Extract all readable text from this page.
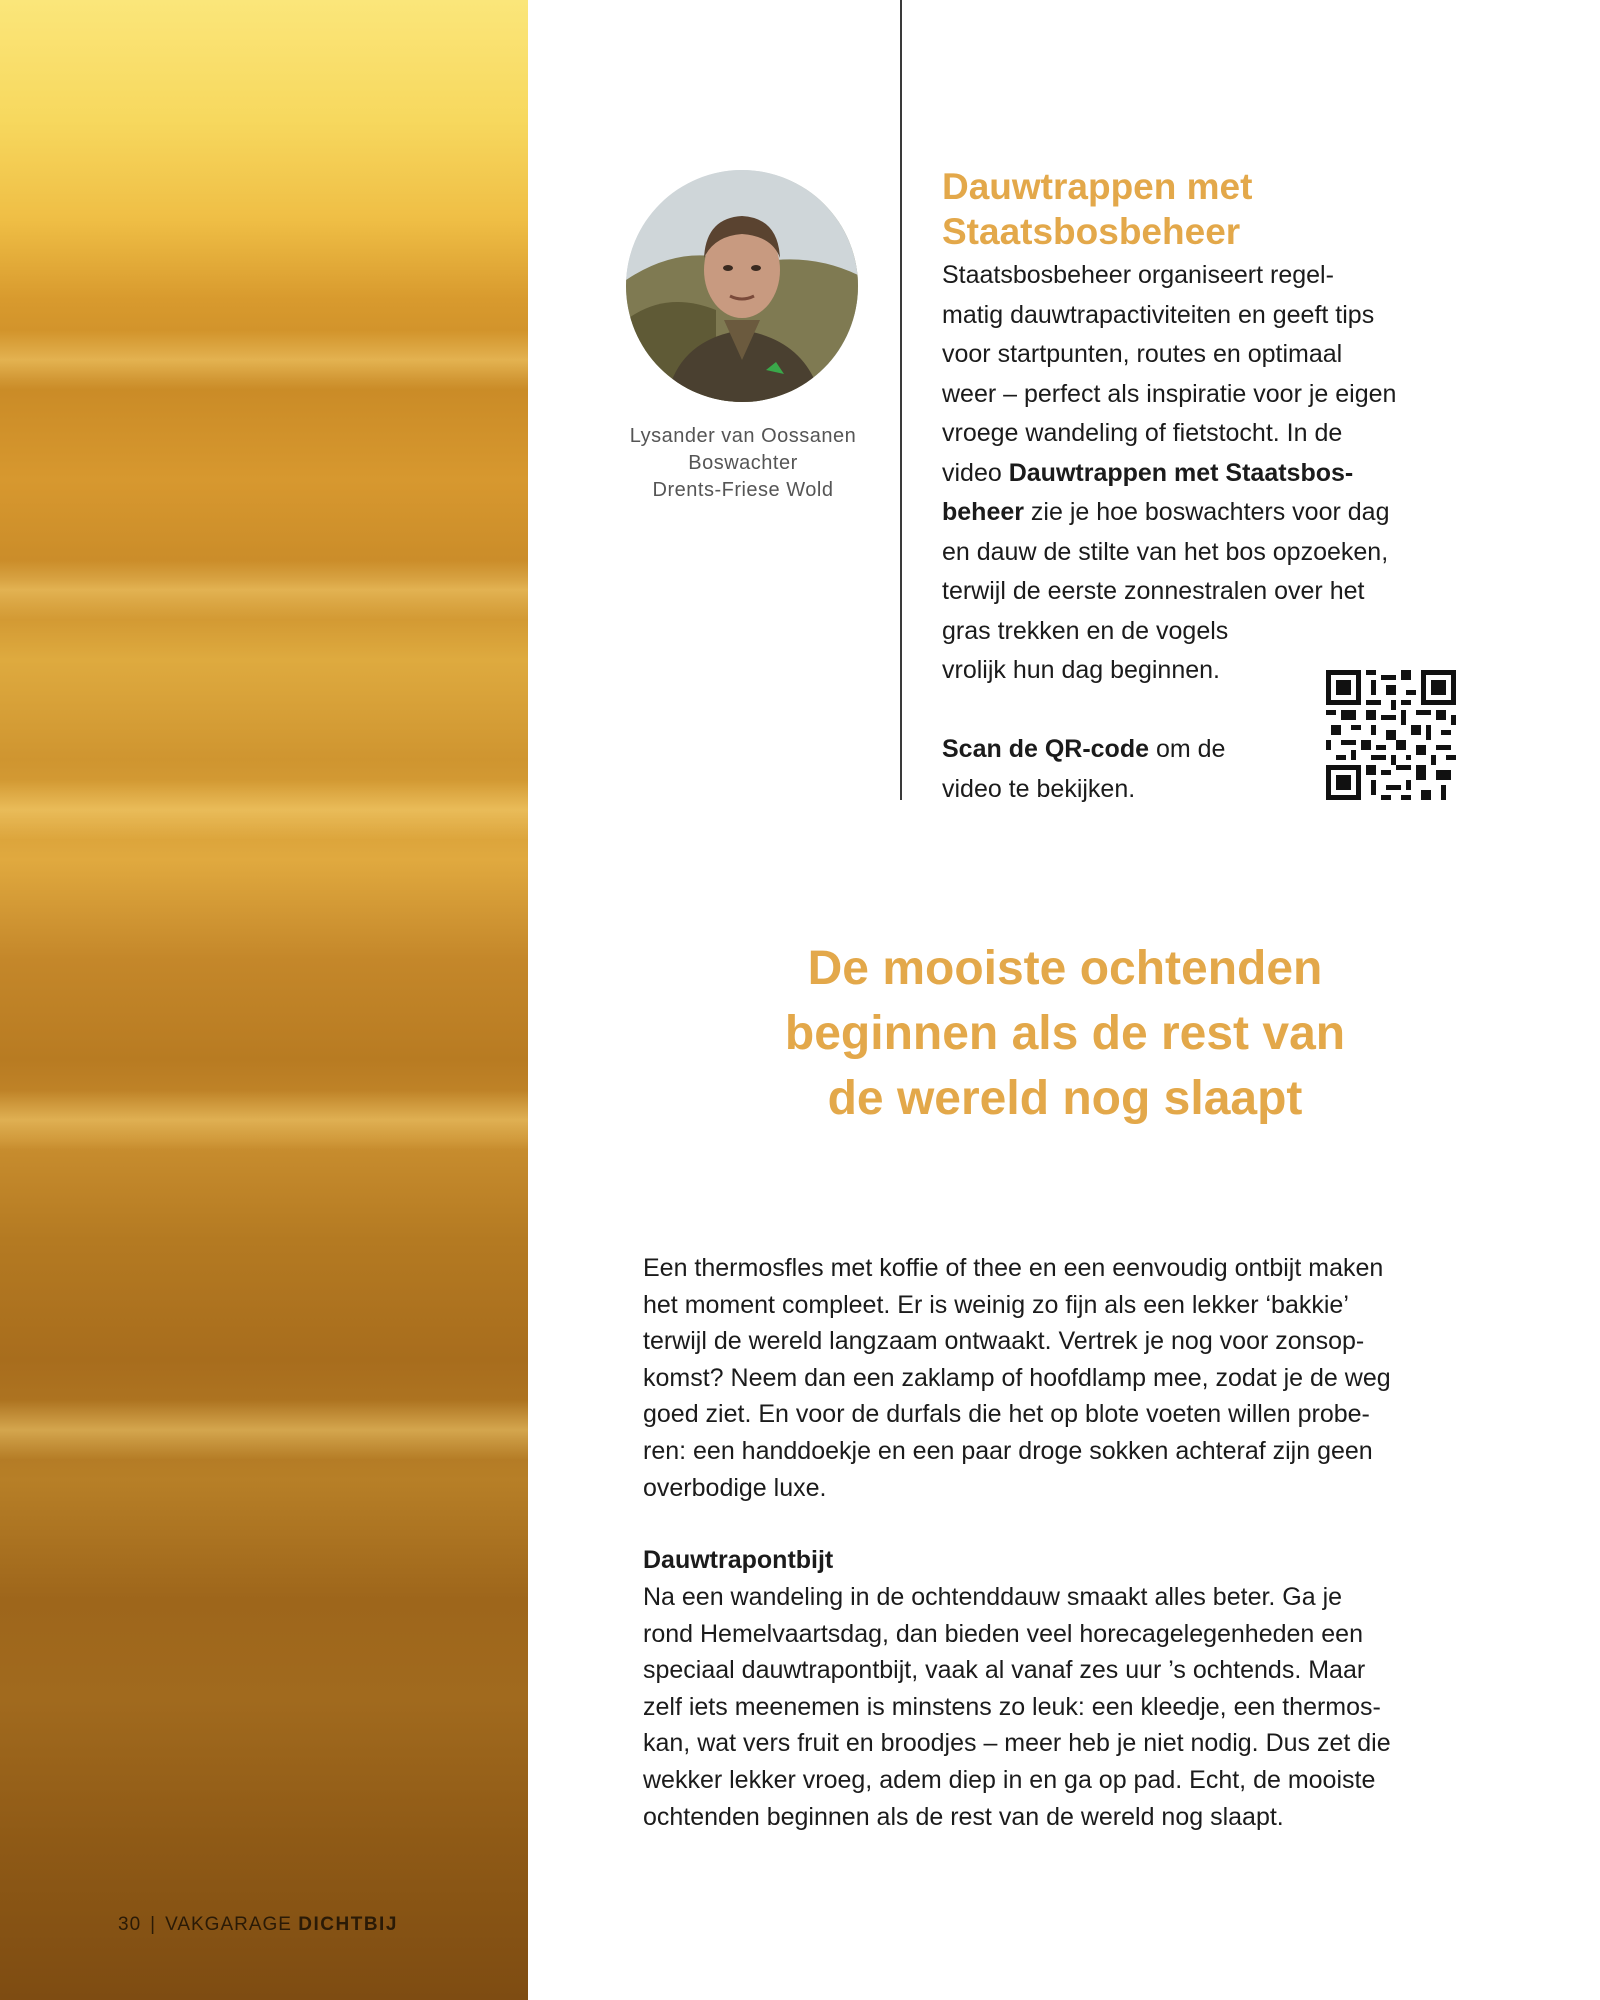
30 | VAKGARAGE DICHTBIJ
Lysander van Oossanen
Boswachter
Drents-Friese Wold
Dauwtrappen met
Staatsbosbeheer

Staatsbosbeheer organiseert regel-
matig dauwtrapactiviteiten en geeft tips
voor startpunten, routes en optimaal
weer – perfect als inspiratie voor je eigen
vroege wandeling of fietstocht. In de
video Dauwtrappen met Staatsbos-
beheer zie je hoe boswachters voor dag
en dauw de stilte van het bos opzoeken,
terwijl de eerste zonnestralen over het
gras trekken en de vogels
vrolijk hun dag beginnen.

Scan de QR-code om de
video te bekijken.

De mooiste ochtenden
beginnen als de rest van
de wereld nog slaapt

Een thermosfles met koffie of thee en een eenvoudig ontbijt maken
het moment compleet. Er is weinig zo fijn als een lekker ‘bakkie’
terwijl de wereld langzaam ontwaakt. Vertrek je nog voor zonsop-
komst? Neem dan een zaklamp of hoofdlamp mee, zodat je de weg
goed ziet. En voor de durfals die het op blote voeten willen probe-
ren: een handdoekje en een paar droge sokken achteraf zijn geen
overbodige luxe.

Dauwtrapontbijt

Na een wandeling in de ochtenddauw smaakt alles beter. Ga je
rond Hemelvaartsdag, dan bieden veel horecagelegenheden een
speciaal dauwtrapontbijt, vaak al vanaf zes uur ’s ochtends. Maar
zelf iets meenemen is minstens zo leuk: een kleedje, een thermos-
kan, wat vers fruit en broodjes – meer heb je niet nodig. Dus zet die
wekker lekker vroeg, adem diep in en ga op pad. Echt, de mooiste
ochtenden beginnen als de rest van de wereld nog slaapt.
